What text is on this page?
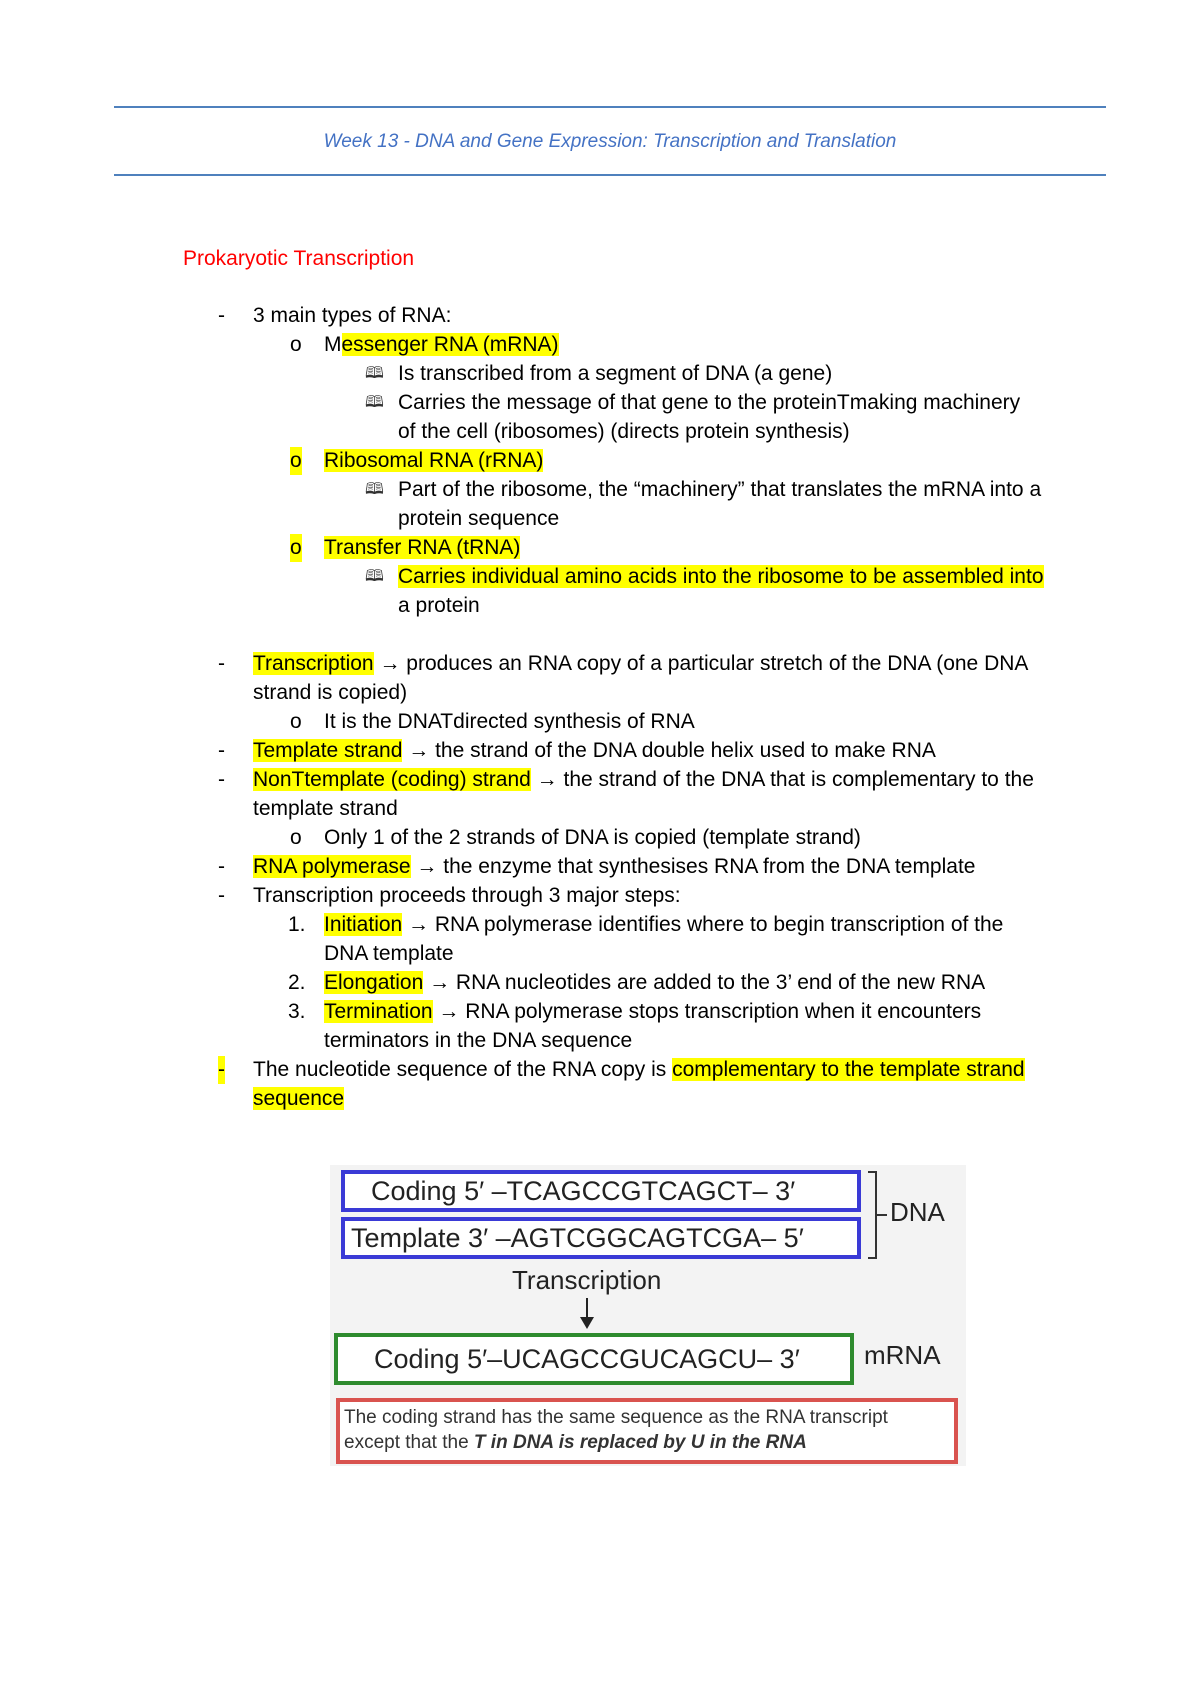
Week 13 - DNA and Gene Expression: Transcription and Translation
Prokaryotic Transcription
- 3 main types of RNA:
o Messenger RNA (mRNA)
🕮 Is transcribed from a segment of DNA (a gene)
🕮 Carries the message of that gene to the proteinTmaking machinery
of the cell (ribosomes) (directs protein synthesis)
o Ribosomal RNA (rRNA)
🕮 Part of the ribosome, the “machinery” that translates the mRNA into a
protein sequence
o Transfer RNA (tRNA)
🕮 Carries individual amino acids into the ribosome to be assembled into
a protein
- Transcription → produces an RNA copy of a particular stretch of the DNA (one DNA
strand is copied)
o It is the DNATdirected synthesis of RNA
- Template strand → the strand of the DNA double helix used to make RNA
- NonTtemplate (coding) strand → the strand of the DNA that is complementary to the
template strand
o Only 1 of the 2 strands of DNA is copied (template strand)
- RNA polymerase → the enzyme that synthesises RNA from the DNA template
- Transcription proceeds through 3 major steps:
1. Initiation → RNA polymerase identifies where to begin transcription of the
DNA template
2. Elongation → RNA nucleotides are added to the 3’ end of the new RNA
3. Termination → RNA polymerase stops transcription when it encounters
terminators in the DNA sequence
- The nucleotide sequence of the RNA copy is complementary to the template strand
sequence
Coding 5′ –TCAGCCGTCAGCT– 3′
Template 3′ –AGTCGGCAGTCGA– 5′
DNA
Transcription
Coding 5′–UCAGCCGUCAGCU– 3′	mRNA
The coding strand has the same sequence as the RNA transcript
except that the T in DNA is replaced by U in the RNA
